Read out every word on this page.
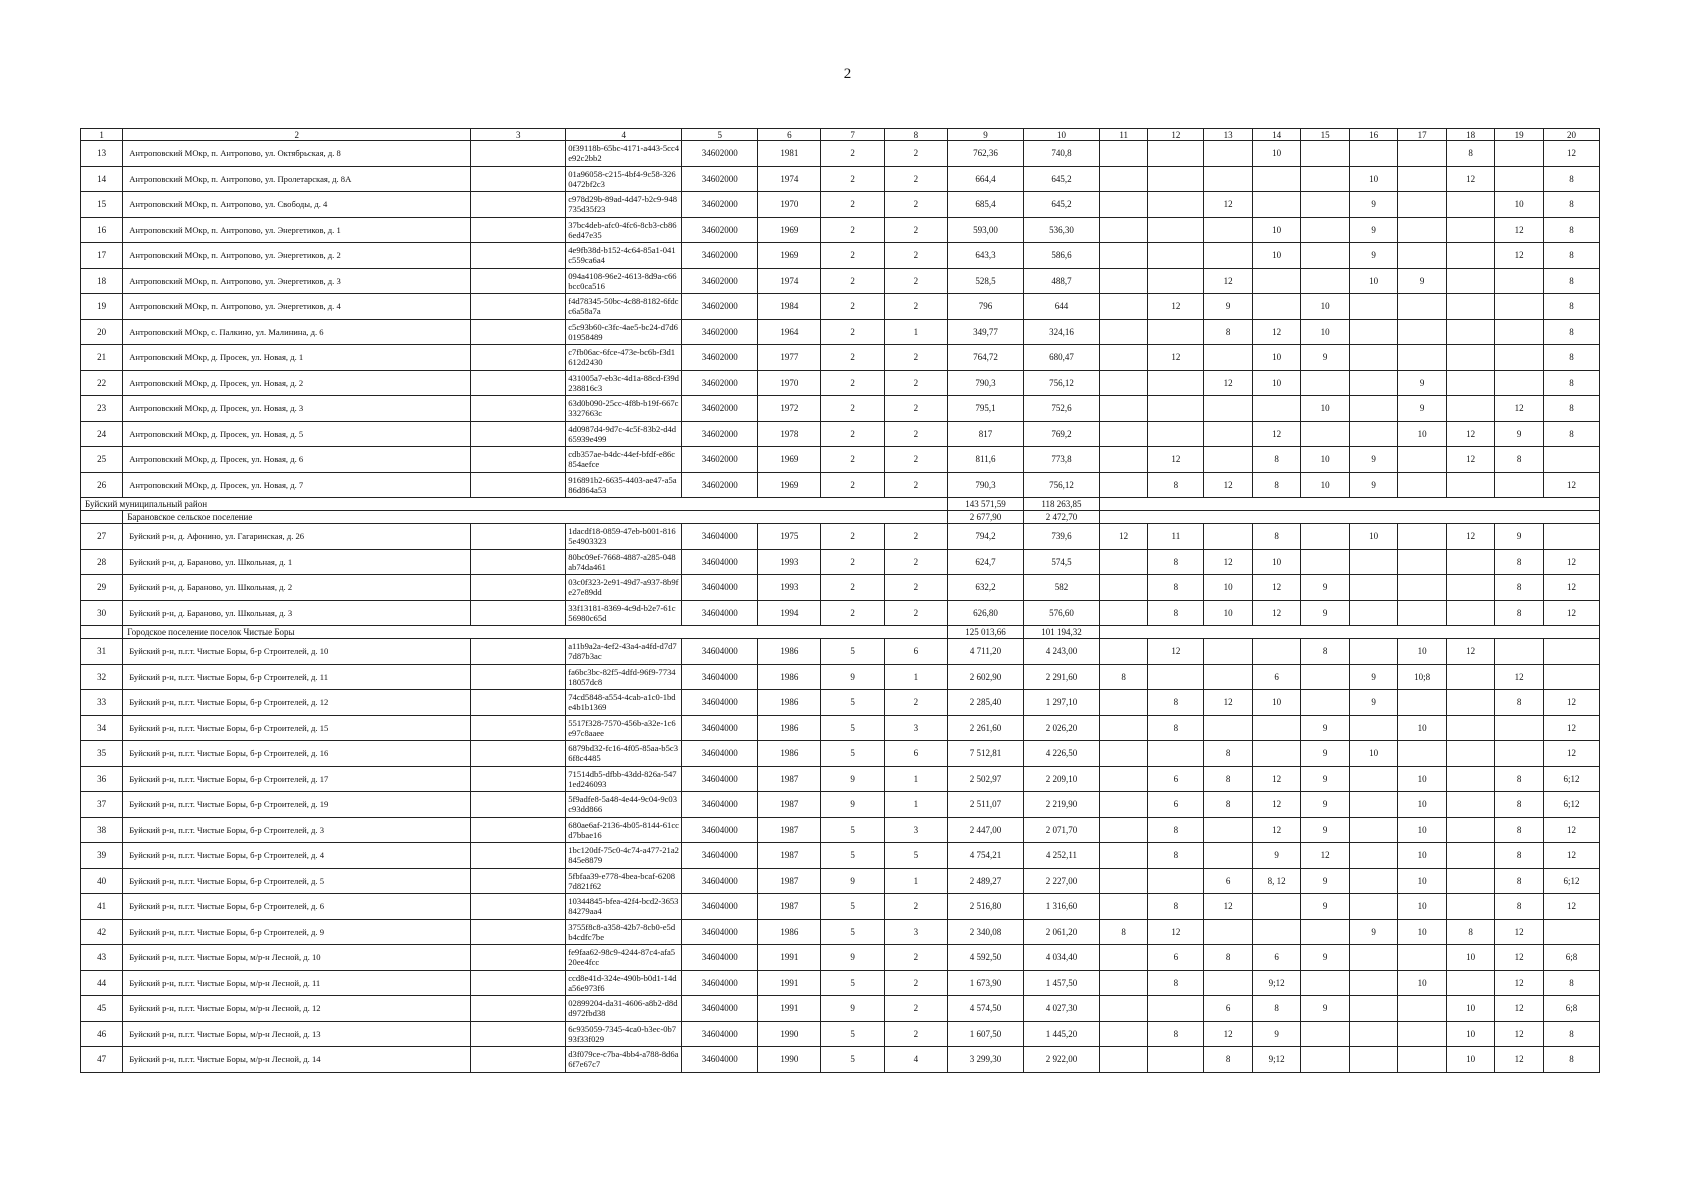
2
1	2	3	4	5	6	7	8	9	10	11	12	13	14	15	16	17	18	19	20
13	Антроповский МОкр, п. Антропово, ул. Октябрьская, д. 8		0f39118b-65bc-4171-a443-5cc4e92c2bb2	34602000	1981	2	2	762,36	740,8				10				8		12
14	Антроповский МОкр, п. Антропово, ул. Пролетарская, д. 8А		01a96058-c215-4bf4-9c58-3260472bf2c3	34602000	1974	2	2	664,4	645,2						10		12		8
15	Антроповский МОкр, п. Антропово, ул. Свободы, д. 4		c978d29b-89ad-4d47-b2c9-948735d35f23	34602000	1970	2	2	685,4	645,2			12			9			10	8
16	Антроповский МОкр, п. Антропово, ул. Энергетиков, д. 1		37bc4deb-afc0-4fc6-8cb3-cb866ed47e35	34602000	1969	2	2	593,00	536,30				10		9			12	8
17	Антроповский МОкр, п. Антропово, ул. Энергетиков, д. 2		4e9fb38d-b152-4c64-85a1-041c559ca6a4	34602000	1969	2	2	643,3	586,6				10		9			12	8
18	Антроповский МОкр, п. Антропово, ул. Энергетиков, д. 3		094a4108-96e2-4613-8d9a-c66bcc0ca516	34602000	1974	2	2	528,5	488,7			12			10	9			8
19	Антроповский МОкр, п. Антропово, ул. Энергетиков, д. 4		f4d78345-50bc-4c88-8182-6fdcc6a58a7a	34602000	1984	2	2	796	644		12	9		10					8
20	Антроповский МОкр, с. Палкино, ул. Малинина, д. 6		c5c93b60-c3fc-4ae5-bc24-d7d601958489	34602000	1964	2	1	349,77	324,16			8	12	10					8
21	Антроповский МОкр, д. Просек, ул. Новая, д. 1		c7fb06ac-6fce-473e-bc6b-f3d1612d2430	34602000	1977	2	2	764,72	680,47		12		10	9					8
22	Антроповский МОкр, д. Просек, ул. Новая, д. 2		431005a7-eb3c-4d1a-88cd-f39d238816c3	34602000	1970	2	2	790,3	756,12			12	10			9			8
23	Антроповский МОкр, д. Просек, ул. Новая, д. 3		63d0b090-25cc-4f8b-b19f-667c3327663c	34602000	1972	2	2	795,1	752,6					10		9		12	8
24	Антроповский МОкр, д. Просек, ул. Новая, д. 5		4d0987d4-9d7c-4c5f-83b2-d4d65939e499	34602000	1978	2	2	817	769,2				12			10	12	9	8
25	Антроповский МОкр, д. Просек, ул. Новая, д. 6		cdb357ae-b4dc-44ef-bfdf-e86c854aefce	34602000	1969	2	2	811,6	773,8		12		8	10	9		12	8	
26	Антроповский МОкр, д. Просек, ул. Новая, д. 7		916891b2-6635-4403-ae47-a5a86d864a53	34602000	1969	2	2	790,3	756,12		8	12	8	10	9				12
Буйский муниципальный район								143 571,59	118 263,85										
	Барановское сельское поселение							2 677,90	2 472,70										
27	Буйский р-н, д. Афонино, ул. Гагаринская, д. 26		1dacdf18-0859-47eb-b001-8165e4903323	34604000	1975	2	2	794,2	739,6	12	11		8		10		12	9	
28	Буйский р-н, д. Бараново, ул. Школьная, д. 1		80bc09ef-7668-4887-a285-048ab74da461	34604000	1993	2	2	624,7	574,5		8	12	10					8	12
29	Буйский р-н, д. Бараново, ул. Школьная, д. 2		03c0f323-2e91-49d7-a937-8b9fe27e89dd	34604000	1993	2	2	632,2	582		8	10	12	9				8	12
30	Буйский р-н, д. Бараново, ул. Школьная, д. 3		33f13181-8369-4c9d-b2e7-61c56980c65d	34604000	1994	2	2	626,80	576,60		8	10	12	9				8	12
	Городское поселение поселок Чистые Боры							125 013,66	101 194,32										
31	Буйский р-н, п.г.т. Чистые Боры, б-р Строителей, д. 10		a11b9a2a-4ef2-43a4-a4fd-d7d77d87b3ac	34604000	1986	5	6	4 711,20	4 243,00		12			8		10	12		
32	Буйский р-н, п.г.т. Чистые Боры, б-р Строителей, д. 11		fa6bc3bc-82f5-4dfd-96f9-773418057dc8	34604000	1986	9	1	2 602,90	2 291,60	8			6		9	10;8		12	
33	Буйский р-н, п.г.т. Чистые Боры, б-р Строителей, д. 12		74cd5848-a554-4cab-a1c0-1bde4b1b1369	34604000	1986	5	2	2 285,40	1 297,10		8	12	10		9			8	12
34	Буйский р-н, п.г.т. Чистые Боры, б-р Строителей, д. 15		5517f328-7570-456b-a32e-1c6e97c8aaee	34604000	1986	5	3	2 261,60	2 026,20		8			9		10			12
35	Буйский р-н, п.г.т. Чистые Боры, б-р Строителей, д. 16		6879bd32-fc16-4f05-85aa-b5c36f8c4485	34604000	1986	5	6	7 512,81	4 226,50			8		9	10				12
36	Буйский р-н, п.г.т. Чистые Боры, б-р Строителей, д. 17		71514db5-dfbb-43dd-826a-5471ed246093	34604000	1987	9	1	2 502,97	2 209,10		6	8	12	9		10		8	6;12
37	Буйский р-н, п.г.т. Чистые Боры, б-р Строителей, д. 19		5f9adfe8-5a48-4e44-9c04-9c03c93dd866	34604000	1987	9	1	2 511,07	2 219,90		6	8	12	9		10		8	6;12
38	Буйский р-н, п.г.т. Чистые Боры, б-р Строителей, д. 3		680ae6af-2136-4b05-8144-61ccd7bbae16	34604000	1987	5	3	2 447,00	2 071,70		8		12	9		10		8	12
39	Буйский р-н, п.г.т. Чистые Боры, б-р Строителей, д. 4		1bc120df-75c0-4c74-a477-21a2845e8879	34604000	1987	5	5	4 754,21	4 252,11		8		9	12		10		8	12
40	Буйский р-н, п.г.т. Чистые Боры, б-р Строителей, д. 5		5fbfaa39-e778-4bea-bcaf-62087d821f62	34604000	1987	9	1	2 489,27	2 227,00			6	8, 12	9		10		8	6;12
41	Буйский р-н, п.г.т. Чистые Боры, б-р Строителей, д. 6		10344845-bfea-42f4-bcd2-365384279aa4	34604000	1987	5	2	2 516,80	1 316,60		8	12		9		10		8	12
42	Буйский р-н, п.г.т. Чистые Боры, б-р Строителей, д. 9		3755f8c8-a358-42b7-8cb0-e5db4cdfc7be	34604000	1986	5	3	2 340,08	2 061,20	8	12				9	10	8	12	
43	Буйский р-н, п.г.т. Чистые Боры, м/р-н Лесной, д. 10		fe9faa62-98c9-4244-87c4-afa520ee4fcc	34604000	1991	9	2	4 592,50	4 034,40		6	8	6	9			10	12	6;8
44	Буйский р-н, п.г.т. Чистые Боры, м/р-н Лесной, д. 11		ccd8e41d-324e-490b-b0d1-14da56e973f6	34604000	1991	5	2	1 673,90	1 457,50		8		9;12			10		12	8
45	Буйский р-н, п.г.т. Чистые Боры, м/р-н Лесной, д. 12		02899204-da31-4606-a8b2-d8dd972fbd38	34604000	1991	9	2	4 574,50	4 027,30			6	8	9			10	12	6;8
46	Буйский р-н, п.г.т. Чистые Боры, м/р-н Лесной, д. 13		6c935059-7345-4ca0-b3ec-0b793f33f029	34604000	1990	5	2	1 607,50	1 445,20		8	12	9				10	12	8
47	Буйский р-н, п.г.т. Чистые Боры, м/р-н Лесной, д. 14		d3f079ce-c7ba-4bb4-a788-8d6a6f7e67c7	34604000	1990	5	4	3 299,30	2 922,00			8	9;12				10	12	8
